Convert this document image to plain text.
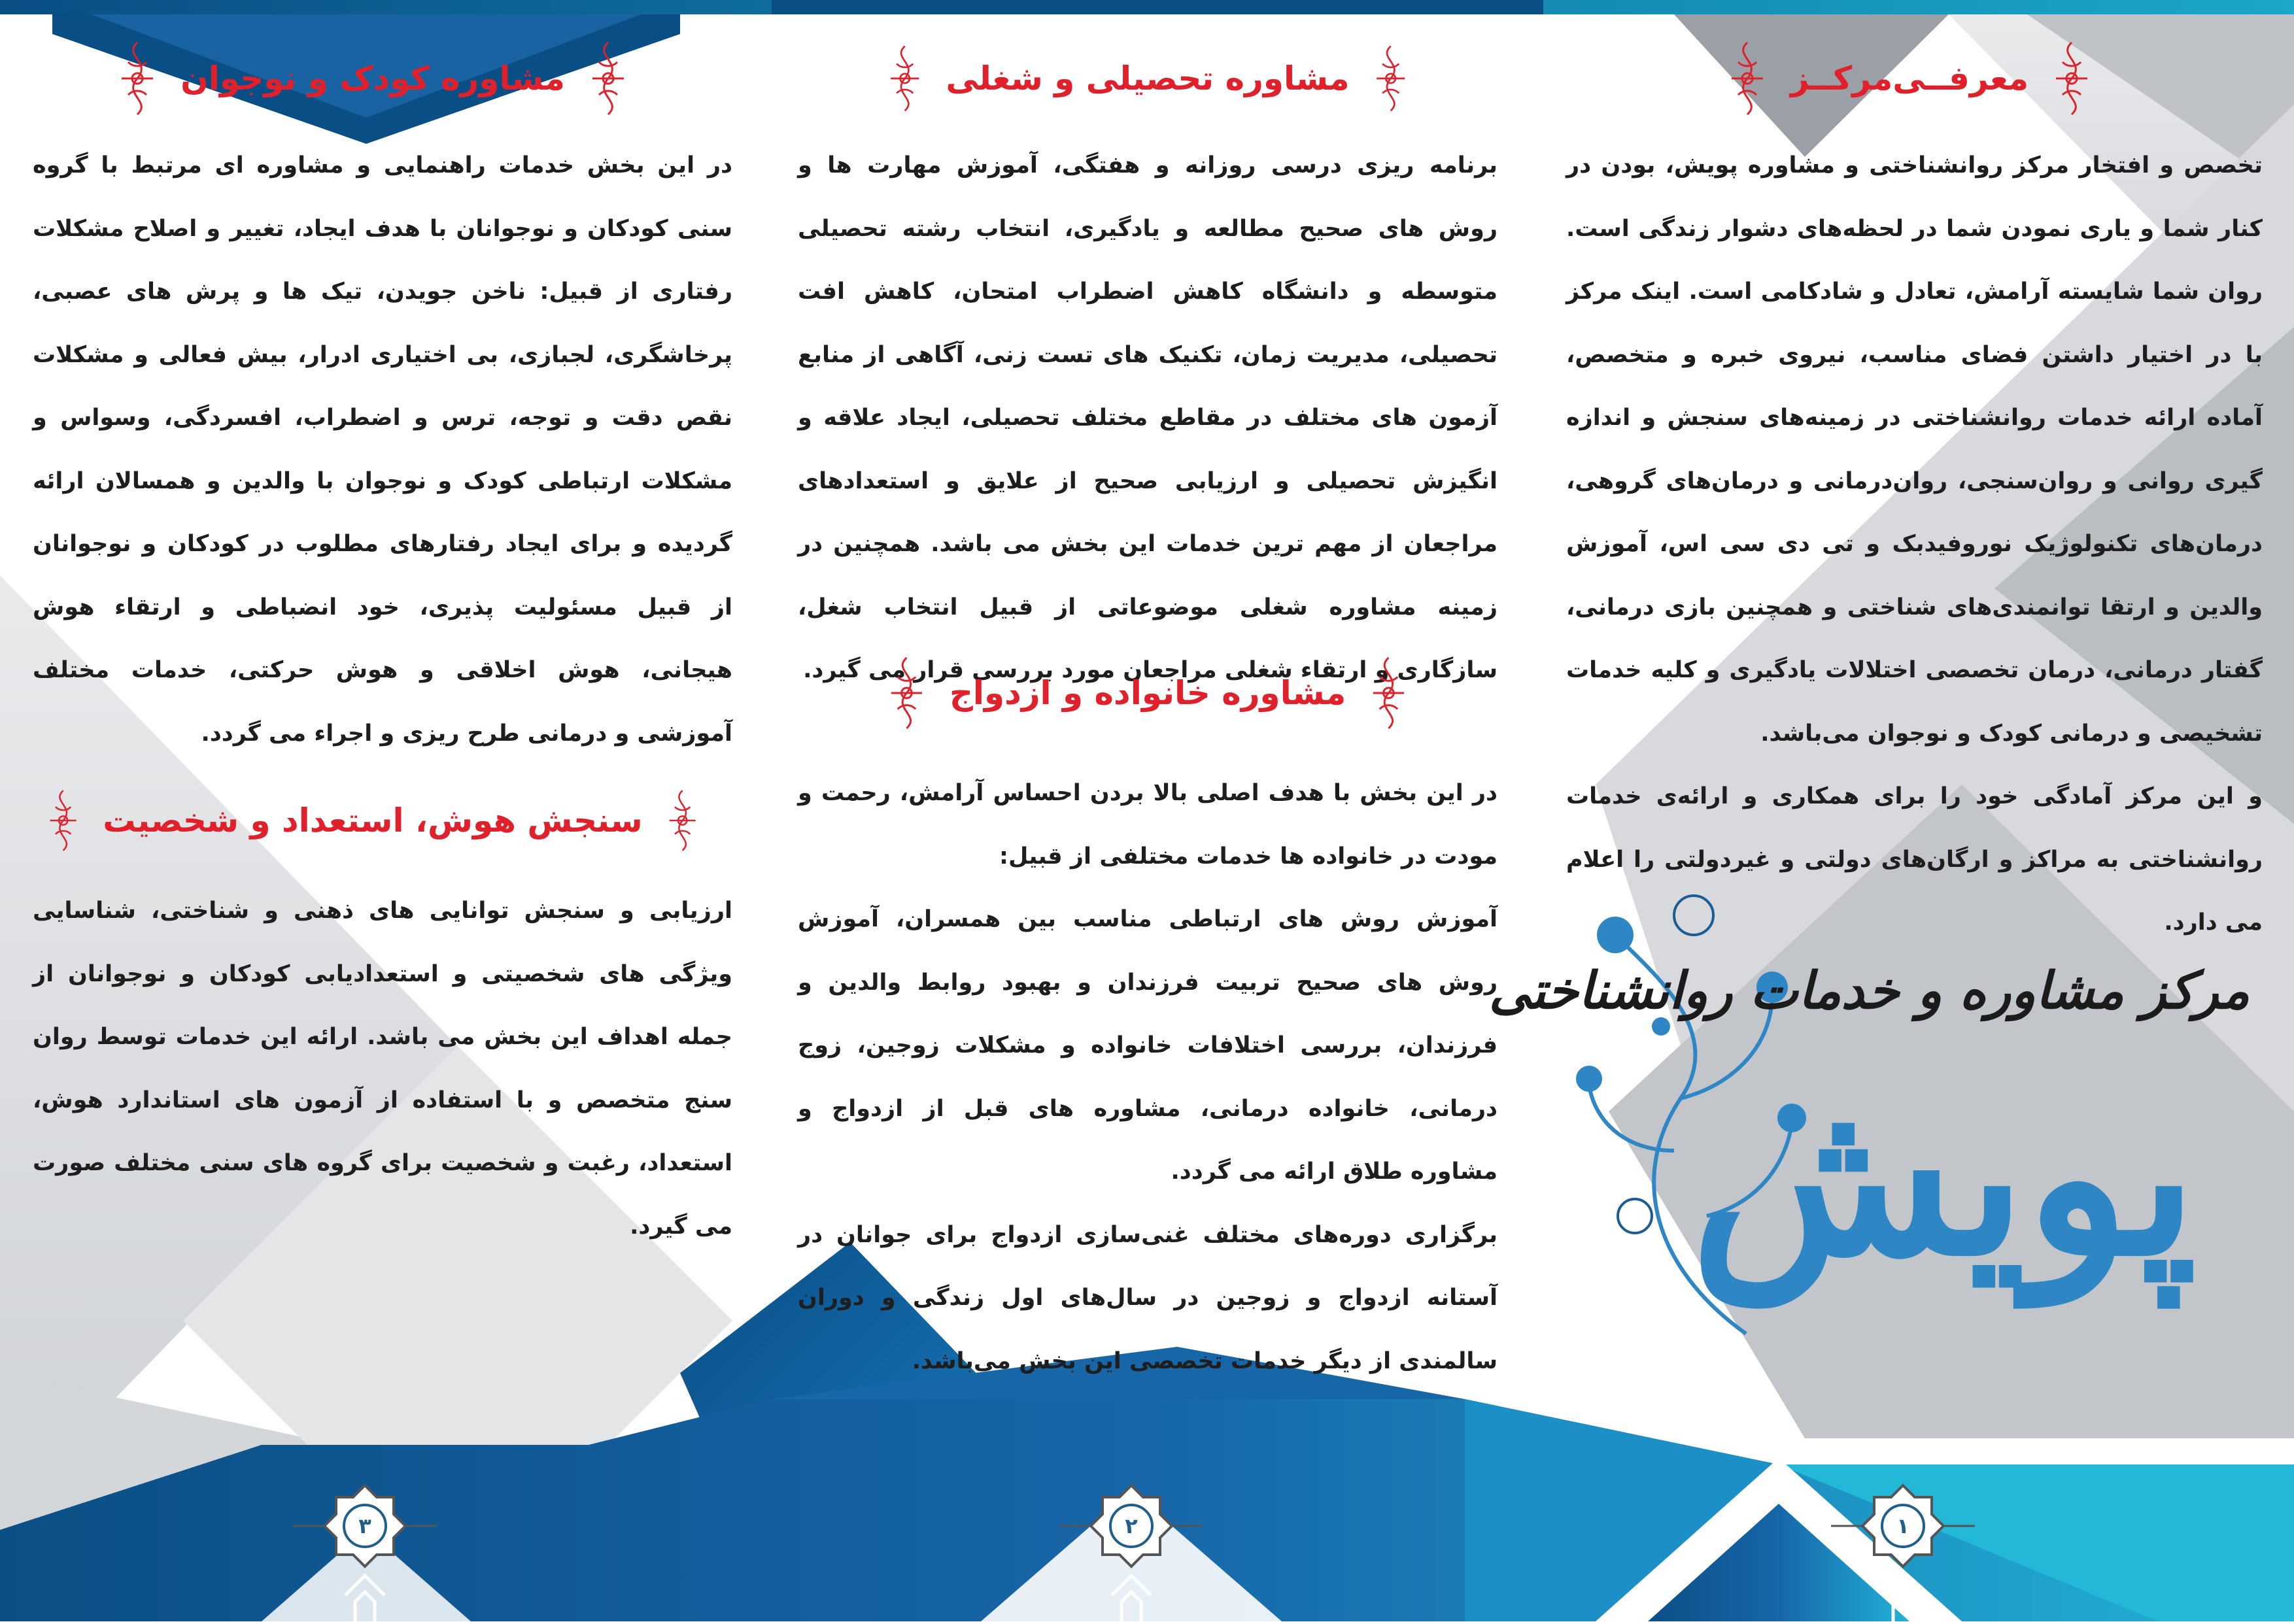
معرفــی‌مرکــز

تخصص و افتخار مرکز روانشناختی و مشاوره پویش، بودن در کنار شما و یاری نمودن شما در لحظه‌های دشوار زندگی است. روان شما شایسته آرامش، تعادل و شادکامی است. اینک مرکز با در اختیار داشتن فضای مناسب، نیروی خبره و متخصص، آماده ارائه خدمات روانشناختی در زمینه‌های سنجش و اندازه گیری روانی و روان‌سنجی، روان‌درمانی و درمان‌های گروهی، درمان‌های تکنولوژیک نوروفیدبک و تی دی سی اس، آموزش والدین و ارتقا توانمندی‌های شناختی و همچنین بازی درمانی، گفتار درمانی، درمان تخصصی اختلالات یادگیری و کلیه خدمات تشخیصی و درمانی کودک و نوجوان می‌باشد.

و این مرکز آمادگی خود را برای همکاری و ارائه‌ی خدمات روانشناختی به مراکز و ارگان‌های دولتی و غیردولتی را اعلام می دارد.

مرکز مشاوره و خدمات روانشناختی
پویش
مشاوره تحصیلی و شغلی

برنامه ریزی درسی روزانه و هفتگی، آموزش مهارت ها و روش های صحیح مطالعه و یادگیری، انتخاب رشته تحصیلی متوسطه و دانشگاه کاهش اضطراب امتحان، کاهش افت تحصیلی، مدیریت زمان، تکنیک های تست زنی، آگاهی از منابع آزمون های مختلف در مقاطع مختلف تحصیلی، ایجاد علاقه و انگیزش تحصیلی و ارزیابی صحیح از علایق و استعدادهای مراجعان از مهم ترین خدمات این بخش می باشد. همچنین در زمینه مشاوره شغلی موضوعاتی از قبیل انتخاب شغل، سازگاری و ارتقاء شغلی مراجعان مورد بررسی قرار می گیرد.

مشاوره خانواده و ازدواج

در این بخش با هدف اصلی بالا بردن احساس آرامش، رحمت و مودت در خانواده ها خدمات مختلفی از قبیل:

آموزش روش های ارتباطی مناسب بین همسران، آموزش روش های صحیح تربیت فرزندان و بهبود روابط والدین و فرزندان، بررسی اختلافات خانواده و مشکلات زوجین، زوج درمانی، خانواده درمانی، مشاوره های قبل از ازدواج و مشاوره طلاق ارائه می گردد.

برگزاری دوره‌های مختلف غنی‌سازی ازدواج برای جوانان در آستانه ازدواج و زوجین در سال‌های اول زندگی و دوران سالمندی از دیگر خدمات تخصصی این بخش می‌باشد.

مشاوره کودک و نوجوان

در این بخش خدمات راهنمایی و مشاوره ای مرتبط با گروه سنی کودکان و نوجوانان با هدف ایجاد، تغییر و اصلاح مشکلات رفتاری از قبیل: ناخن جویدن، تیک ها و پرش های عصبی، پرخاشگری، لجبازی، بی اختیاری ادرار، بیش فعالی و مشکلات نقص دقت و توجه، ترس و اضطراب، افسردگی، وسواس و مشکلات ارتباطی کودک و نوجوان با والدین و همسالان ارائه گردیده و برای ایجاد رفتارهای مطلوب در کودکان و نوجوانان از قبیل مسئولیت پذیری، خود انضباطی و ارتقاء هوش هیجانی، هوش اخلاقی و هوش حرکتی، خدمات مختلف آموزشی و درمانی طرح ریزی و اجراء می گردد.

سنجش هوش، استعداد و شخصیت

ارزیابی و سنجش توانایی های ذهنی و شناختی، شناسایی ویژگی های شخصیتی و استعدادیابی کودکان و نوجوانان از جمله اهداف این بخش می باشد. ارائه این خدمات توسط روان سنج متخصص و با استفاده از آزمون های استاندارد هوش، استعداد، رغبت و شخصیت برای گروه های سنی مختلف صورت می گیرد.

۳	۲	۱
